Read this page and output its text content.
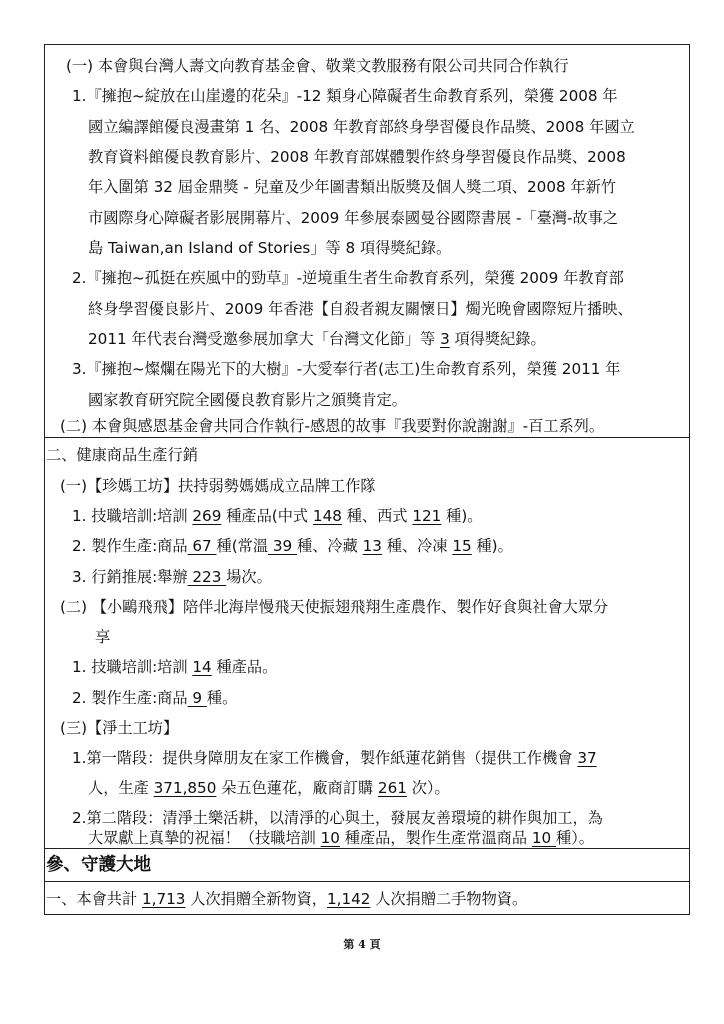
(一) 本會與台灣人壽文向教育基金會、敬業文教服務有限公司共同合作執行
1.『擁抱~綻放在山崖邊的花朵』-12 類身心障礙者生命教育系列，榮獲 2008 年
國立編譯館優良漫畫第 1 名、2008 年教育部終身學習優良作品獎、2008 年國立
教育資料館優良教育影片、2008 年教育部媒體製作終身學習優良作品獎、2008
年入圍第 32 屆金鼎獎 - 兒童及少年圖書類出版獎及個人獎二項、2008 年新竹
市國際身心障礙者影展開幕片、2009 年參展泰國曼谷國際書展 -「臺灣-故事之
島 Taiwan,an Island of Stories」等 8 項得獎紀錄。
2.『擁抱~孤挺在疾風中的勁草』-逆境重生者生命教育系列，榮獲 2009 年教育部
終身學習優良影片、2009 年香港【自殺者親友關懷日】燭光晚會國際短片播映、
2011 年代表台灣受邀參展加拿大「台灣文化節」等 3 項得獎紀錄。
3.『擁抱~燦爛在陽光下的大樹』-大愛奉行者(志工)生命教育系列，榮獲 2011 年
國家教育研究院全國優良教育影片之頒獎肯定。
(二) 本會與感恩基金會共同合作執行-感恩的故事『我要對你說謝謝』-百工系列。
二、健康商品生產行銷
(一)【珍媽工坊】扶持弱勢媽媽成立品牌工作隊
1. 技職培訓:培訓 269 種產品(中式 148 種、西式 121 種)。
2. 製作生產:商品 67 種(常溫 39 種、冷藏 13 種、冷凍 15 種)。
3. 行銷推展:舉辦 223 場次。
(二) 【小鷗飛飛】陪伴北海岸慢飛天使振翅飛翔生產農作、製作好食與社會大眾分
享
1. 技職培訓:培訓 14 種產品。
2. 製作生產:商品 9 種。
(三)【淨土工坊】
1.第一階段：提供身障朋友在家工作機會，製作紙蓮花銷售（提供工作機會 37
人，生產 371,850 朵五色蓮花，廠商訂購 261 次）。
2.第二階段：清淨土樂活耕，以清淨的心與土，發展友善環境的耕作與加工，為
大眾獻上真摯的祝福！（技職培訓 10 種產品，製作生產常溫商品 10 種）。
參、守護大地
一、本會共計 1,713 人次捐贈全新物資，1,142 人次捐贈二手物物資。
第 4 頁
